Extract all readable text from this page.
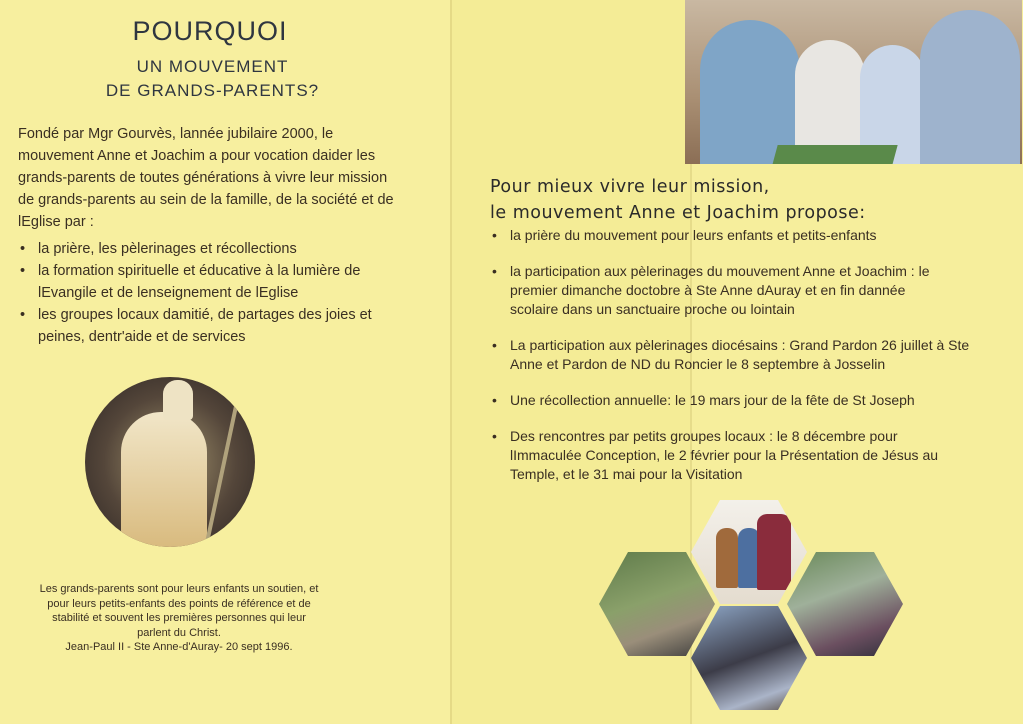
POURQUOI
UN MOUVEMENT
DE GRANDS-PARENTS?
Fondé par Mgr Gourvès, lannée jubilaire 2000, le
mouvement Anne et Joachim a pour vocation daider les
grands-parents de toutes générations à vivre leur mission
de grands-parents au sein de la famille, de la société et de
lEglise par :
• la prière, les pèlerinages et récollections
• la formation spirituelle et éducative à la lumière de
lEvangile et de lenseignement de lEglise
• les groupes locaux damitié, de partages des joies et
peines, dentr'aide et de services
Les grands-parents sont pour leurs enfants un soutien, et
pour leurs petits-enfants des points de référence et de
stabilité et souvent les premières personnes qui leur
parlent du Christ.
Jean-Paul II - Ste Anne-d'Auray- 20 sept 1996.
Pour mieux vivre leur mission,
le mouvement Anne et Joachim propose:
• la prière du mouvement pour leurs enfants et petits-enfants
• la participation aux pèlerinages du mouvement Anne et Joachim : le
premier dimanche doctobre à Ste Anne dAuray et en fin dannée
scolaire dans un sanctuaire proche ou lointain
• La participation aux pèlerinages diocésains : Grand Pardon 26 juillet à Ste
Anne et Pardon de ND du Roncier le 8 septembre à Josselin
• Une récollection annuelle: le 19 mars jour de la fête de St Joseph
• Des rencontres par petits groupes locaux : le 8 décembre pour
lImmaculée Conception, le 2 février pour la Présentation de Jésus au
Temple, et le 31 mai pour la Visitation
